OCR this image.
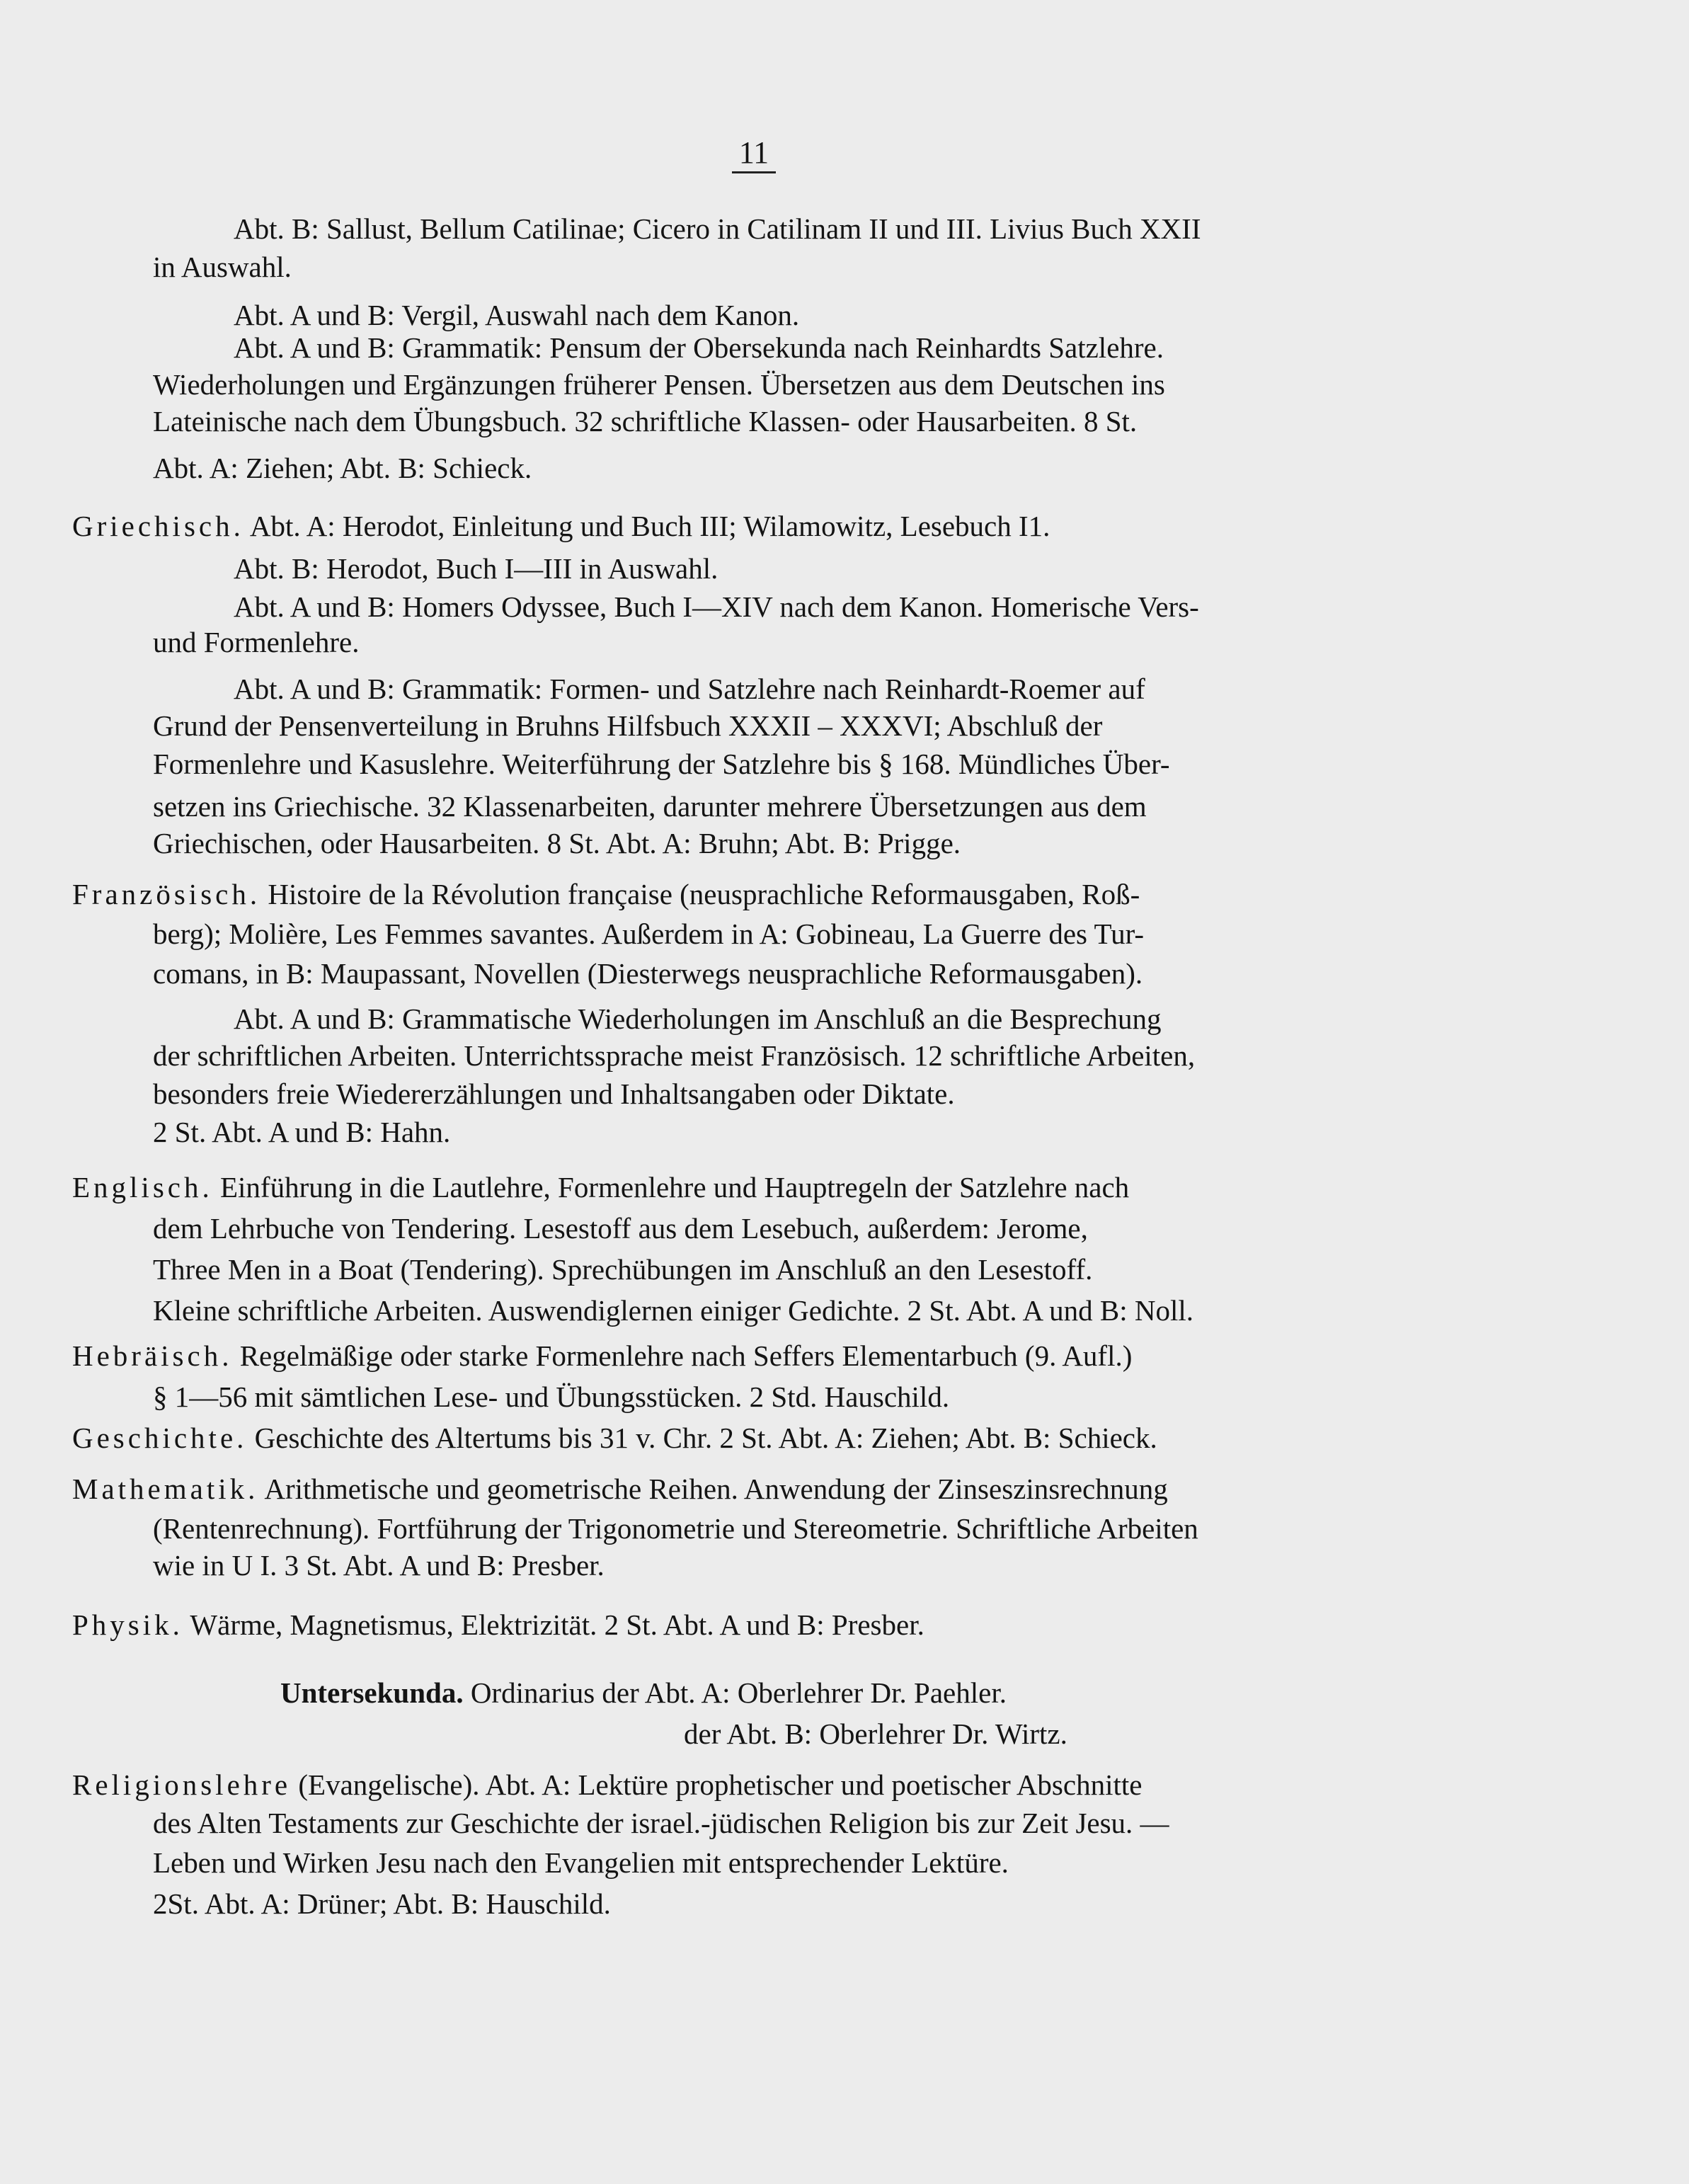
11
Abt. B: Sallust, Bellum Catilinae; Cicero in Catilinam II und III. Livius Buch XXII
in Auswahl.
Abt. A und B: Vergil, Auswahl nach dem Kanon.
Abt. A und B: Grammatik: Pensum der Obersekunda nach Reinhardts Satzlehre.
Wiederholungen und Ergänzungen früherer Pensen. Übersetzen aus dem Deutschen ins
Lateinische nach dem Übungsbuch. 32 schriftliche Klassen- oder Hausarbeiten. 8 St.
Abt. A: Ziehen; Abt. B: Schieck.
Griechisch. Abt. A: Herodot, Einleitung und Buch III; Wilamowitz, Lesebuch I1.
Abt. B: Herodot, Buch I—III in Auswahl.
Abt. A und B: Homers Odyssee, Buch I—XIV nach dem Kanon. Homerische Vers-
und Formenlehre.
Abt. A und B: Grammatik: Formen- und Satzlehre nach Reinhardt-Roemer auf
Grund der Pensenverteilung in Bruhns Hilfsbuch XXXII – XXXVI; Abschluß der
Formenlehre und Kasuslehre. Weiterführung der Satzlehre bis § 168. Mündliches Über-
setzen ins Griechische. 32 Klassenarbeiten, darunter mehrere Übersetzungen aus dem
Griechischen, oder Hausarbeiten. 8 St. Abt. A: Bruhn; Abt. B: Prigge.
Französisch. Histoire de la Révolution française (neusprachliche Reformausgaben, Roß-
berg); Molière, Les Femmes savantes. Außerdem in A: Gobineau, La Guerre des Tur-
comans, in B: Maupassant, Novellen (Diesterwegs neusprachliche Reformausgaben).
Abt. A und B: Grammatische Wiederholungen im Anschluß an die Besprechung
der schriftlichen Arbeiten. Unterrichtssprache meist Französisch. 12 schriftliche Arbeiten,
besonders freie Wiedererzählungen und Inhaltsangaben oder Diktate.
2 St. Abt. A und B: Hahn.
Englisch. Einführung in die Lautlehre, Formenlehre und Hauptregeln der Satzlehre nach
dem Lehrbuche von Tendering. Lesestoff aus dem Lesebuch, außerdem: Jerome,
Three Men in a Boat (Tendering). Sprechübungen im Anschluß an den Lesestoff.
Kleine schriftliche Arbeiten. Auswendiglernen einiger Gedichte. 2 St. Abt. A und B: Noll.
Hebräisch. Regelmäßige oder starke Formenlehre nach Seffers Elementarbuch (9. Aufl.)
§ 1—56 mit sämtlichen Lese- und Übungsstücken. 2 Std. Hauschild.
Geschichte. Geschichte des Altertums bis 31 v. Chr. 2 St. Abt. A: Ziehen; Abt. B: Schieck.
Mathematik. Arithmetische und geometrische Reihen. Anwendung der Zinseszinsrechnung
(Rentenrechnung). Fortführung der Trigonometrie und Stereometrie. Schriftliche Arbeiten
wie in U I. 3 St. Abt. A und B: Presber.
Physik. Wärme, Magnetismus, Elektrizität. 2 St. Abt. A und B: Presber.
Untersekunda. Ordinarius der Abt. A: Oberlehrer Dr. Paehler.
der Abt. B: Oberlehrer Dr. Wirtz.
Religionslehre (Evangelische). Abt. A: Lektüre prophetischer und poetischer Abschnitte
des Alten Testaments zur Geschichte der israel.-jüdischen Religion bis zur Zeit Jesu. —
Leben und Wirken Jesu nach den Evangelien mit entsprechender Lektüre.
2St. Abt. A: Drüner; Abt. B: Hauschild.
